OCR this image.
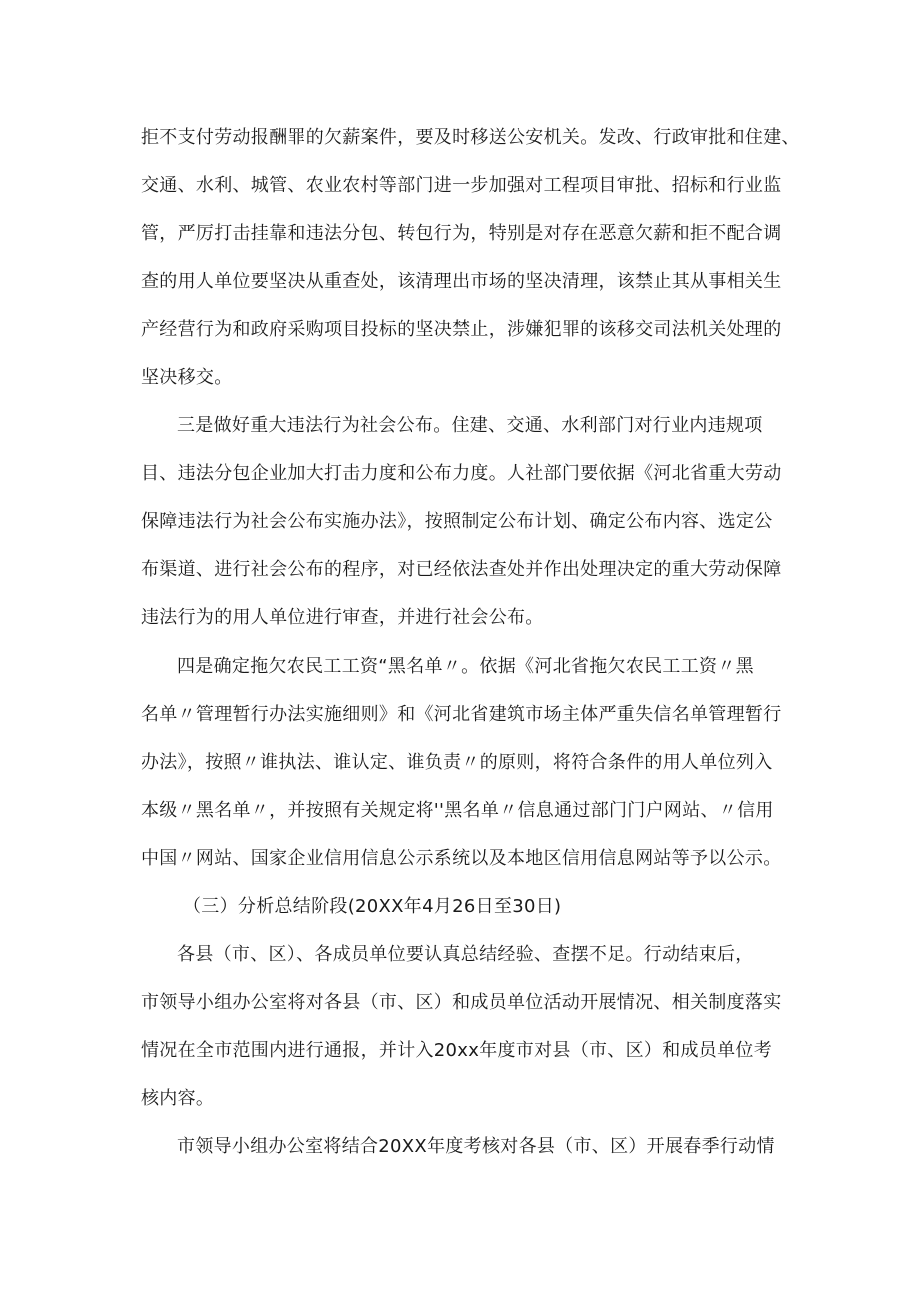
拒不支付劳动报酬罪的欠薪案件，要及时移送公安机关。发改、行政审批和住建、
交通、水利、城管、农业农村等部门进一步加强对工程项目审批、招标和行业监
管，严厉打击挂靠和违法分包、转包行为，特别是对存在恶意欠薪和拒不配合调
查的用人单位要坚决从重查处，该清理出市场的坚决清理，该禁止其从事相关生
产经营行为和政府采购项目投标的坚决禁止，涉嫌犯罪的该移交司法机关处理的
坚决移交。
三是做好重大违法行为社会公布。住建、交通、水利部门对行业内违规项
目、违法分包企业加大打击力度和公布力度。人社部门要依据《河北省重大劳动
保障违法行为社会公布实施办法》，按照制定公布计划、确定公布内容、选定公
布渠道、进行社会公布的程序，对已经依法查处并作出处理决定的重大劳动保障
违法行为的用人单位进行审查，并进行社会公布。
四是确定拖欠农民工工资“黑名单〃。依据《河北省拖欠农民工工资〃黑
名单〃管理暂行办法实施细则》和《河北省建筑市场主体严重失信名单管理暂行
办法》，按照〃谁执法、谁认定、谁负责〃的原则，将符合条件的用人单位列入
本级〃黑名单〃，并按照有关规定将''黑名单〃信息通过部门门户网站、〃信用
中国〃网站、国家企业信用信息公示系统以及本地区信用信息网站等予以公示。
（三）分析总结阶段(20XX年4月26日至30日)
各县（市、区）、各成员单位要认真总结经验、查摆不足。行动结束后，
市领导小组办公室将对各县（市、区）和成员单位活动开展情况、相关制度落实
情况在全市范围内进行通报，并计入20xx年度市对县（市、区）和成员单位考
核内容。
市领导小组办公室将结合20XX年度考核对各县（市、区）开展春季行动情
